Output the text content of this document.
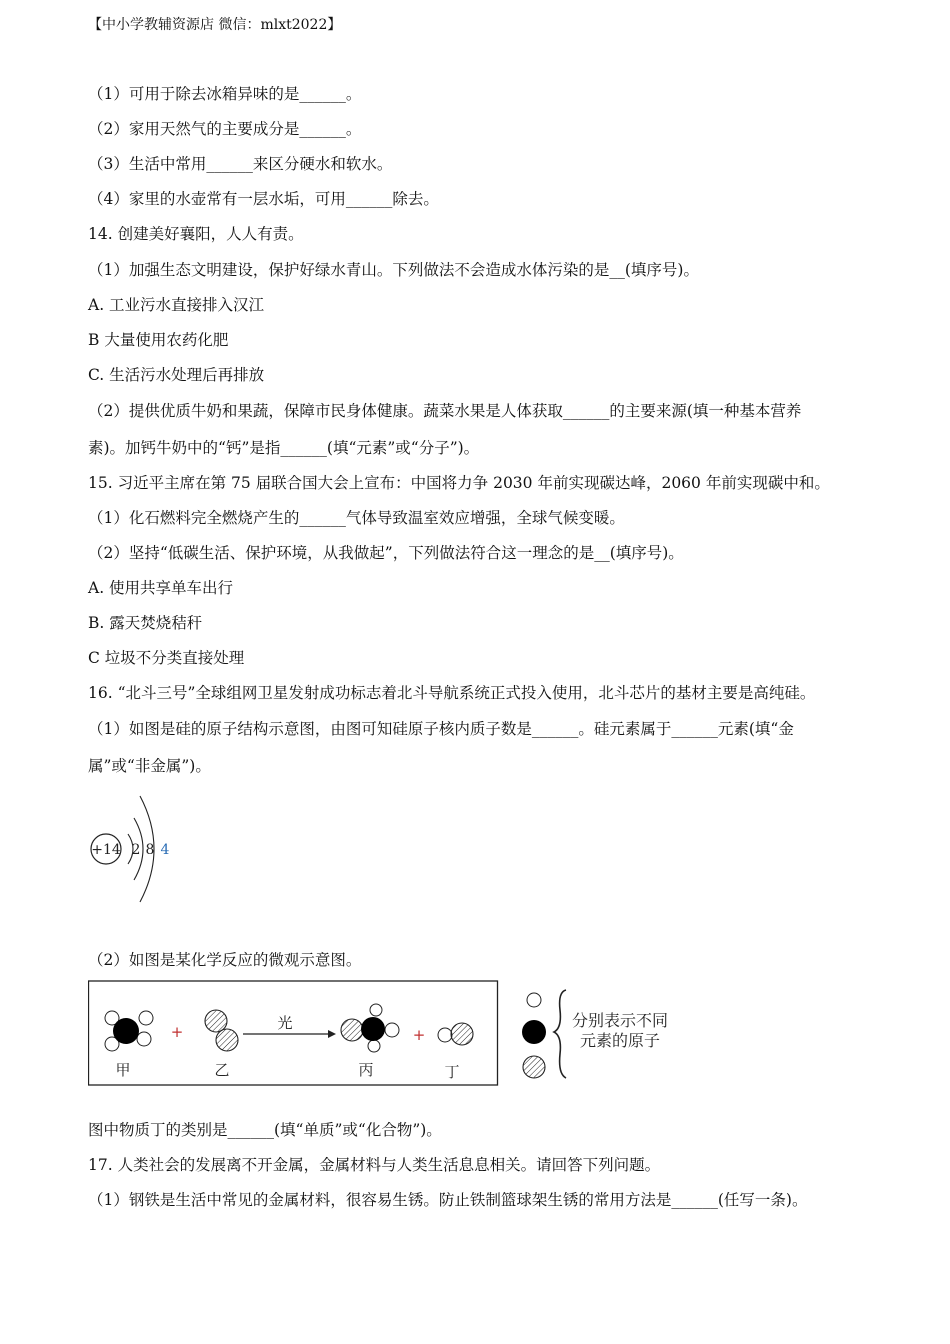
【中小学教辅资源店 微信：mlxt2022】
（1）可用于除去冰箱异味的是______。
（2）家用天然气的主要成分是______。
（3）生活中常用______来区分硬水和软水。
（4）家里的水壶常有一层水垢，可用______除去。
14. 创建美好襄阳，人人有责。
（1）加强生态文明建设，保护好绿水青山。下列做法不会造成水体污染的是__(填序号)。
A. 工业污水直接排入汉江
B 大量使用农药化肥
C. 生活污水处理后再排放
（2）提供优质牛奶和果蔬，保障市民身体健康。蔬菜水果是人体获取______的主要来源(填一种基本营养
素)。加钙牛奶中的“钙”是指______(填“元素”或“分子”)。
15. 习近平主席在第 75 届联合国大会上宣布：中国将力争 2030 年前实现碳达峰，2060 年前实现碳中和。
（1）化石燃料完全燃烧产生的______气体导致温室效应增强，全球气候变暖。
（2）坚持“低碳生活、保护环境，从我做起”，下列做法符合这一理念的是__(填序号)。
A. 使用共享单车出行
B. 露天焚烧秸秆
C 垃圾不分类直接处理
16. “北斗三号”全球组网卫星发射成功标志着北斗导航系统正式投入使用，北斗芯片的基材主要是高纯硅。
（1）如图是硅的原子结构示意图，由图可知硅原子核内质子数是______。硅元素属于______元素(填“金
属”或“非金属”)。
+14 2 8 4
（2）如图是某化学反应的微观示意图。
甲
+
乙
光
丙
+
丁
分别表示不同
元素的原子
图中物质丁的类别是______(填“单质”或“化合物”)。
17. 人类社会的发展离不开金属，金属材料与人类生活息息相关。请回答下列问题。
（1）钢铁是生活中常见的金属材料，很容易生锈。防止铁制篮球架生锈的常用方法是______(任写一条)。
